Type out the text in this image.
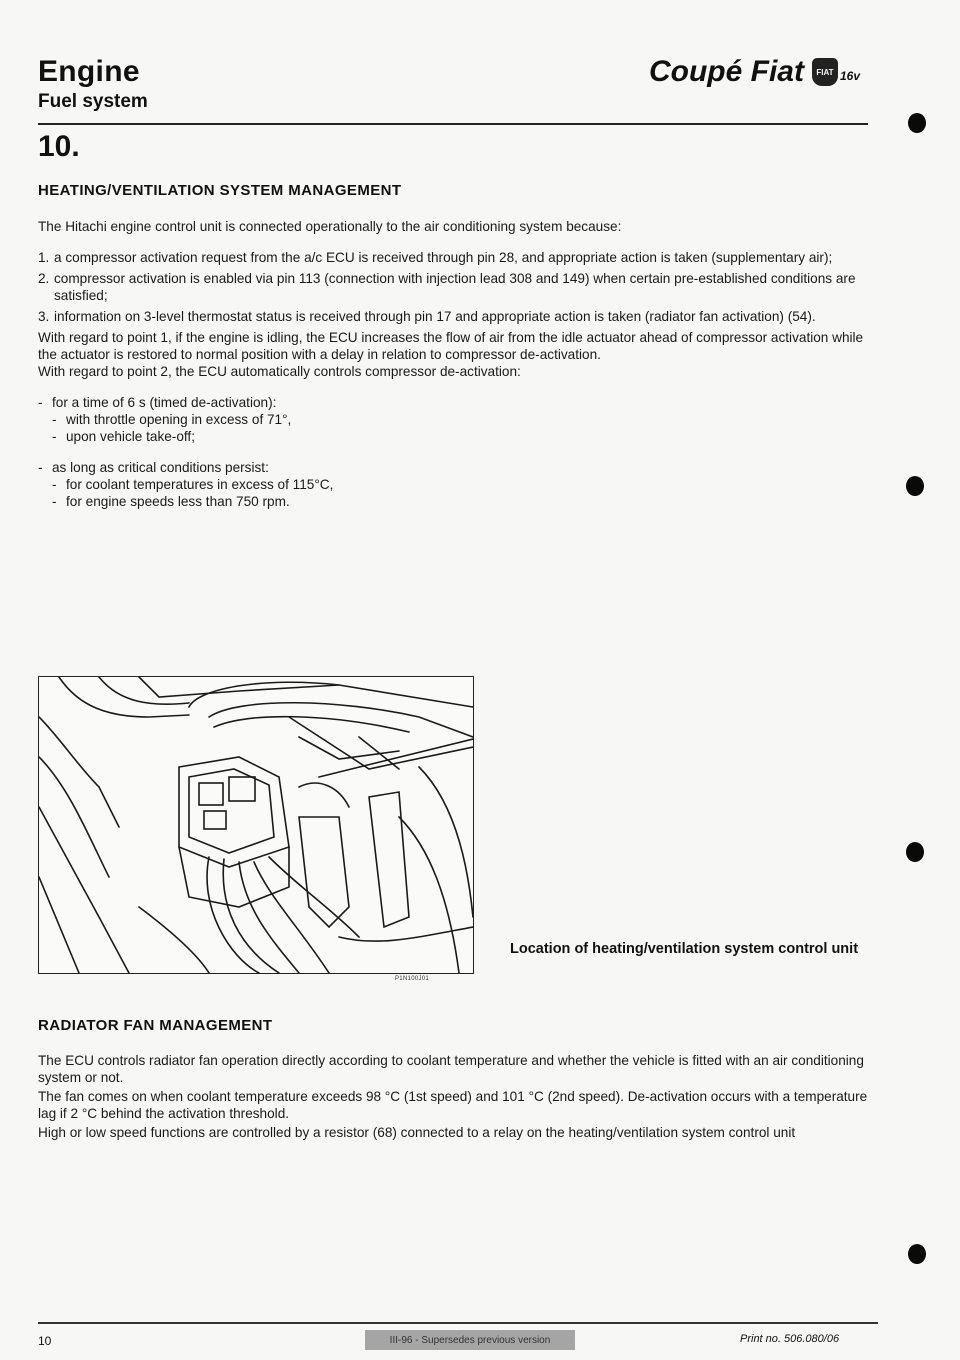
Engine
Fuel system
Coupé Fiat FIAT 16v
10.
HEATING/VENTILATION SYSTEM MANAGEMENT

The Hitachi engine control unit is connected operationally to the air conditioning system because:

1. a compressor activation request from the a/c ECU is received through pin 28, and appropriate action is taken (supplementary air);
2. compressor activation is enabled via pin 113 (connection with injection lead 308 and 149) when certain pre-established conditions are satisfied;
3. information on 3-level thermostat status is received through pin 17 and appropriate action is taken (radiator fan activation) (54).

With regard to point 1, if the engine is idling, the ECU increases the flow of air from the idle actuator ahead of compressor activation while the actuator is restored to normal position with a delay in relation to compressor de-activation.

With regard to point 2, the ECU automatically controls compressor de-activation:

- for a time of 6 s (timed de-activation):
- with throttle opening in excess of 71°,
- upon vehicle take-off;
- as long as critical conditions persist:
- for coolant temperatures in excess of 115°C,
- for engine speeds less than 750 rpm.
P1N100J01
Location of heating/ventilation system control unit
RADIATOR FAN MANAGEMENT

The ECU controls radiator fan operation directly according to coolant temperature and whether the vehicle is fitted with an air conditioning system or not.

The fan comes on when coolant temperature exceeds 98 °C (1st speed) and 101 °C (2nd speed). De-activation occurs with a temperature lag if 2 °C behind the activation threshold.

High or low speed functions are controlled by a resistor (68) connected to a relay on the heating/ventilation system control unit

10	III-96 - Supersedes previous version	Print no. 506.080/06
